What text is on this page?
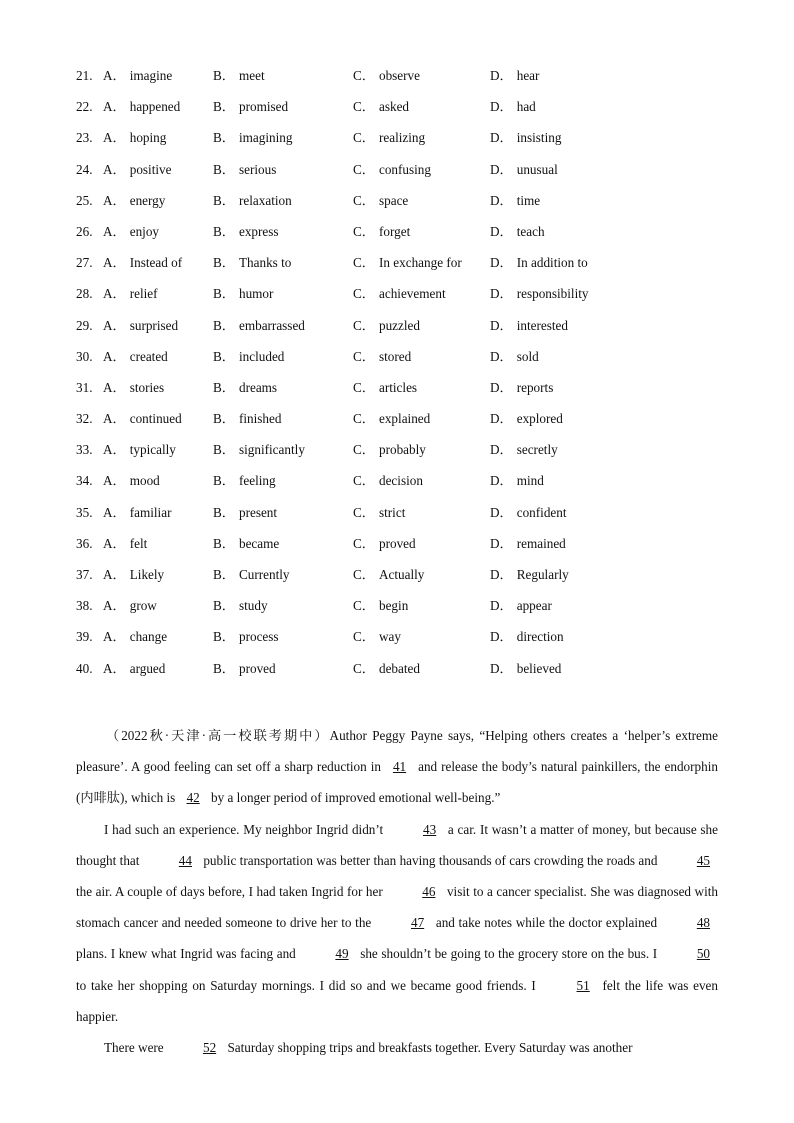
21. A． imagine	B． meet	C． observe	D． hear
22. A． happened B． promised	C． asked	D． had
23. A． hoping	B． imagining	C． realizing	D． insisting
24. A． positive	B． serious	C． confusing	D． unusual
25. A． energy	B． relaxation	C． space	D． time
26. A． enjoy	B． express	C． forget	D． teach
27. A． Instead of B． Thanks to	C． In exchange for D． In addition to
28. A． relief	B． humor	C． achievement	D． responsibility
29. A． surprised	B． embarrassed	C． puzzled	D． interested
30. A． created	B． included	C． stored	D． sold
31. A． stories	B． dreams	C． articles	D． reports
32. A． continued B． finished	C． explained	D． explored
33. A． typically	B． significantly	C． probably	D． secretly
34. A． mood	B． feeling	C． decision	D． mind
35. A． familiar	B． present	C． strict	D． confident
36. A． felt	B． became	C． proved	D． remained
37. A． Likely	B． Currently	C． Actually	D． Regularly
38. A． grow	B． study	C． begin	D． appear
39. A． change	B． process	C． way	D． direction
40. A． argued	B． proved	C． debated	D． believed

（2022秋·天津·高一校联考期中）Author Peggy Payne says, “Helping others creates a ‘helper’s extreme pleasure’. A good feeling can set off a sharp reduction in 41 and release the body’s natural painkillers, the endorphin (内啡肽), which is 42 by a longer period of improved emotional well-being.”

I had such an experience. My neighbor Ingrid didn’t	43 a car. It wasn’t a matter of money, but because she thought that	44 public transportation was better than having thousands of cars crowding the roads and	45 the air. A couple of days before, I had taken Ingrid for her	46 visit to a cancer specialist. She was diagnosed with stomach cancer and needed someone to drive her to the	47 and take notes while the doctor explained	48 plans. I knew what Ingrid was facing and	49 she shouldn’t be going to the grocery store on the bus. I	50 to take her shopping on Saturday mornings. I did so and we became good friends. I	51 felt the life was even happier.

There were	52 Saturday shopping trips and breakfasts together. Every Saturday was another
